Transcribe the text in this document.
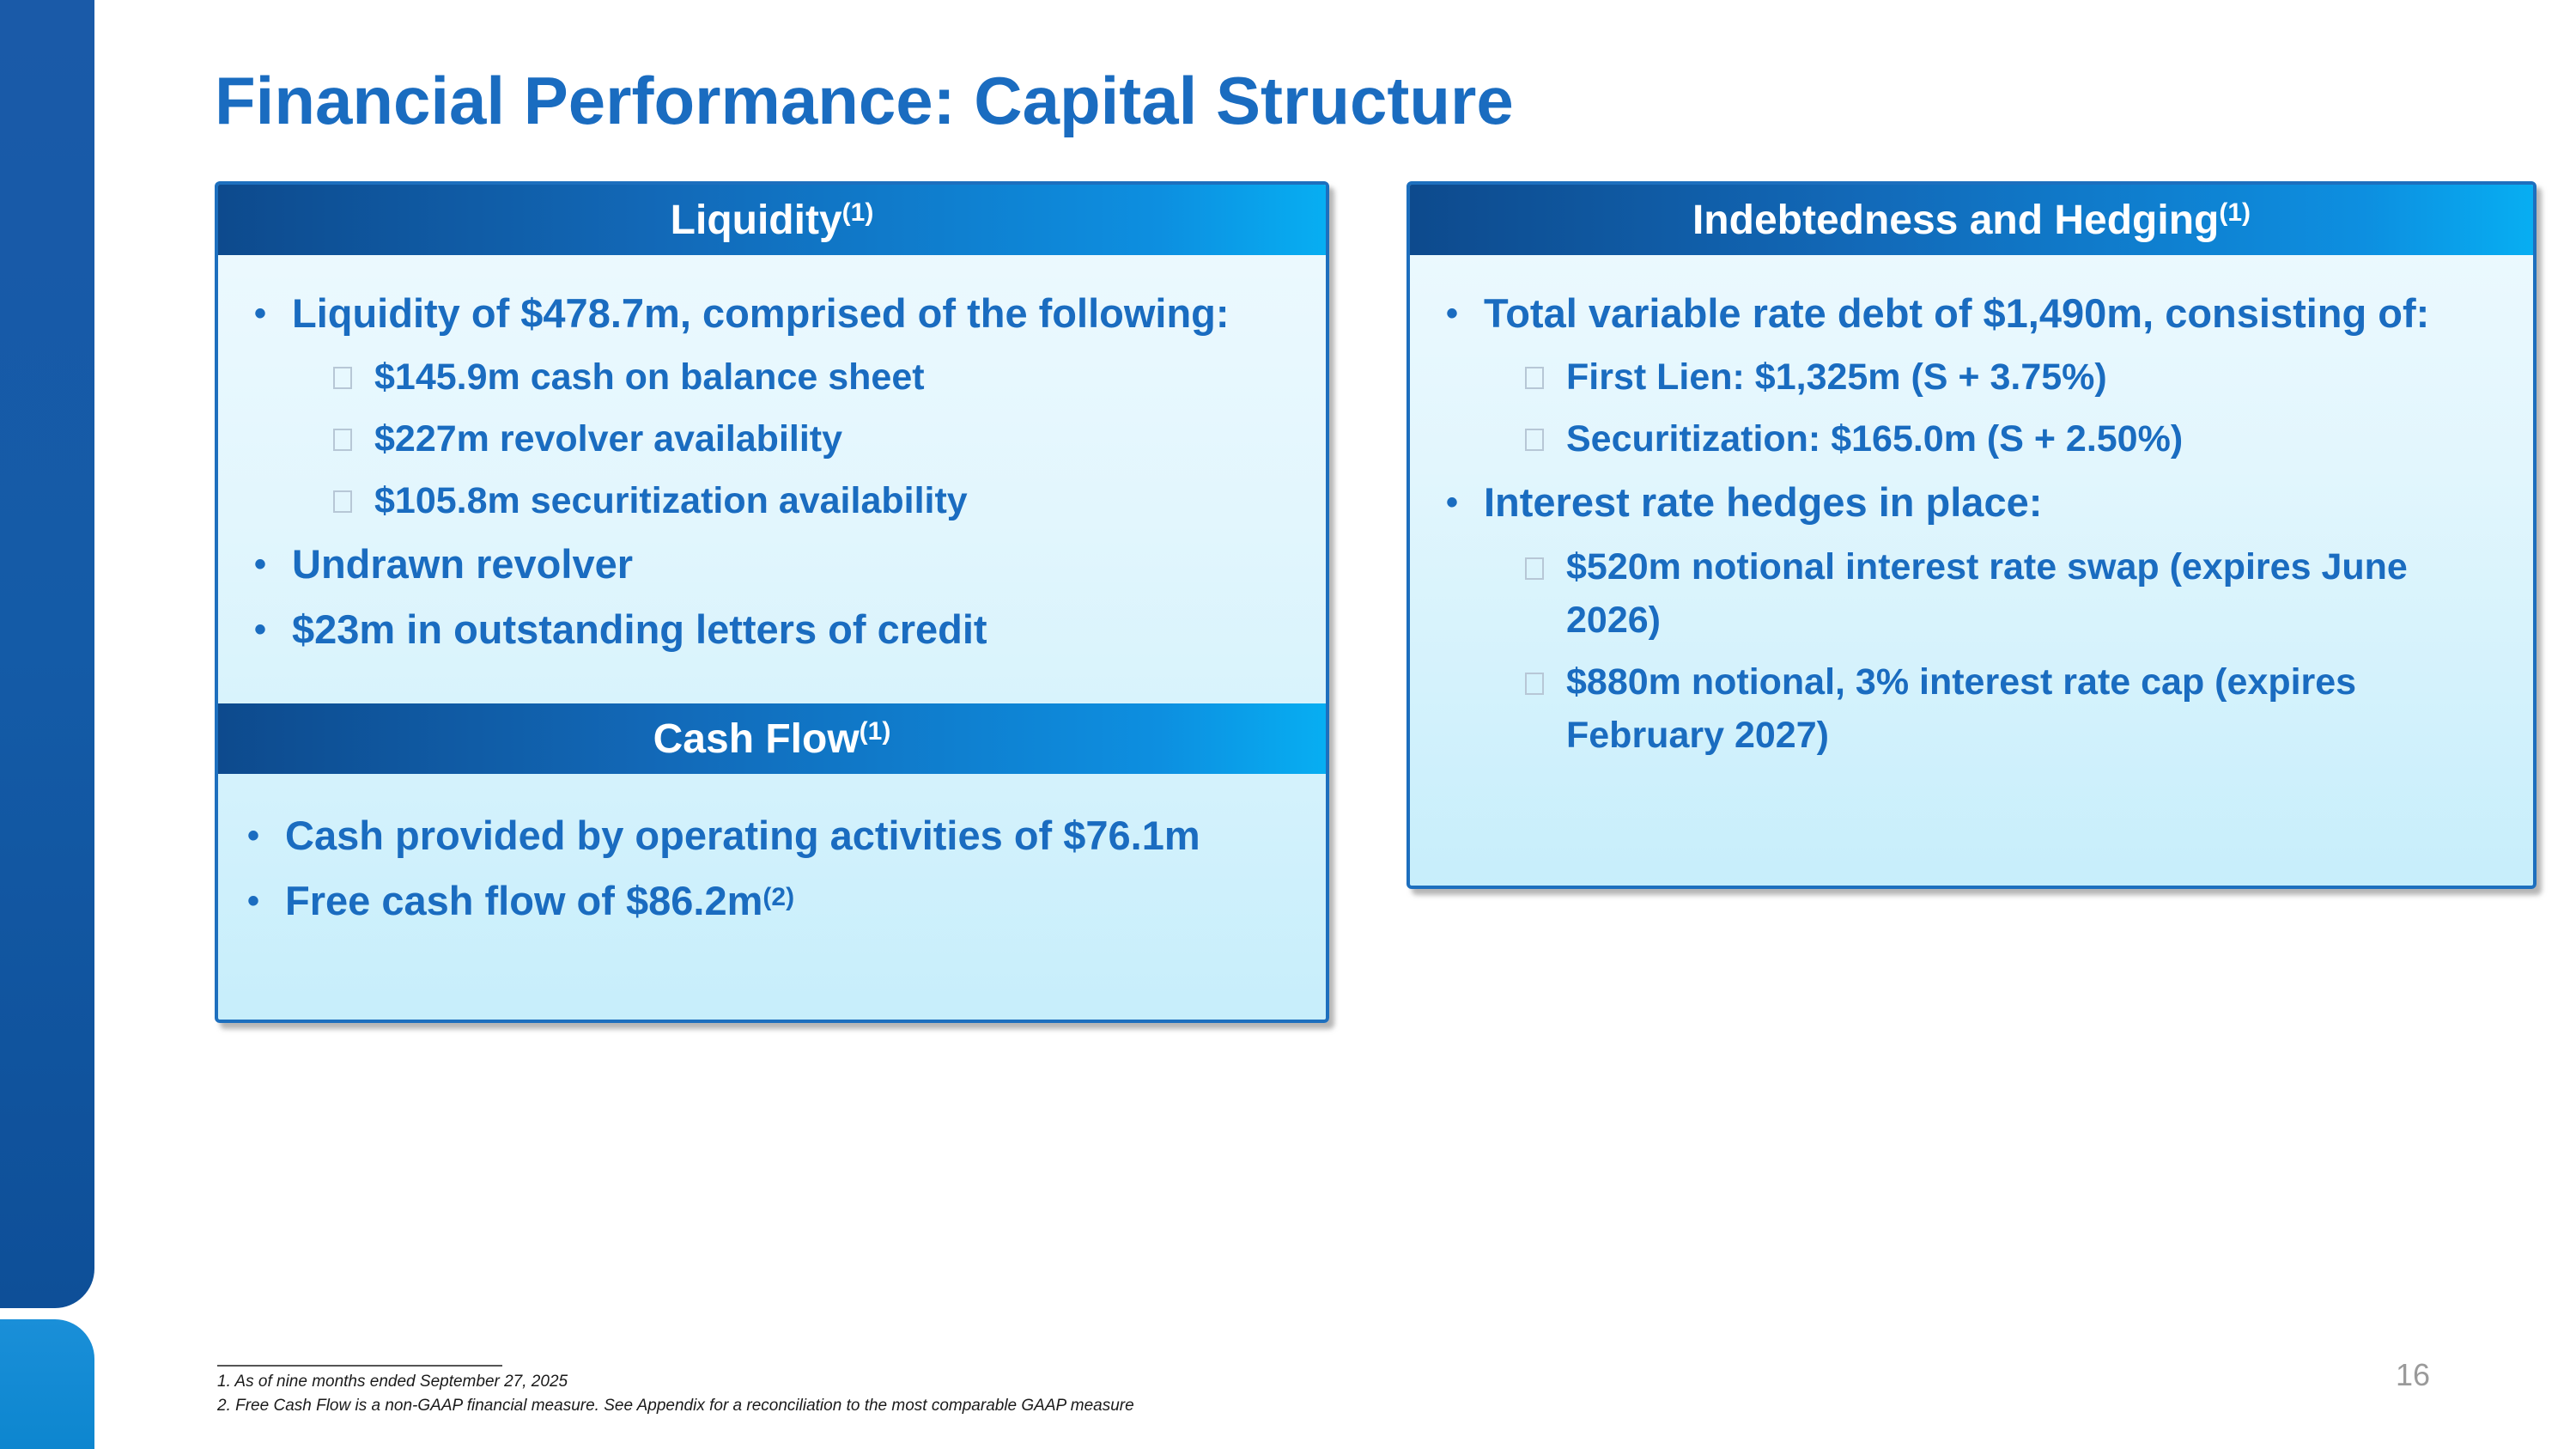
Financial Performance: Capital Structure
Liquidity$^{(1)}$
• Liquidity of $478.7m, comprised of the following:
$145.9m cash on balance sheet
$227m revolver availability
$105.8m securitization availability
• Undrawn revolver
• $23m in outstanding letters of credit
Cash Flow$^{(1)}$
• Cash provided by operating activities of $76.1m
• Free cash flow of $\$86.2m^{(2)}$
Indebtedness and Hedging$^{(1)}$
• Total variable rate debt of $1,490m, consisting of:
First Lien: $1,325m (S + 3.75%)
Securitization: $165.0m (S + 2.50%)
• Interest rate hedges in place:
$520m notional interest rate swap (expires June 2026)
$880m notional, 3% interest rate cap (expires February 2027)
1. As of nine months ended September 27, 2025
2. Free Cash Flow is a non-GAAP financial measure. See Appendix for a reconciliation to the most comparable GAAP measure
16
